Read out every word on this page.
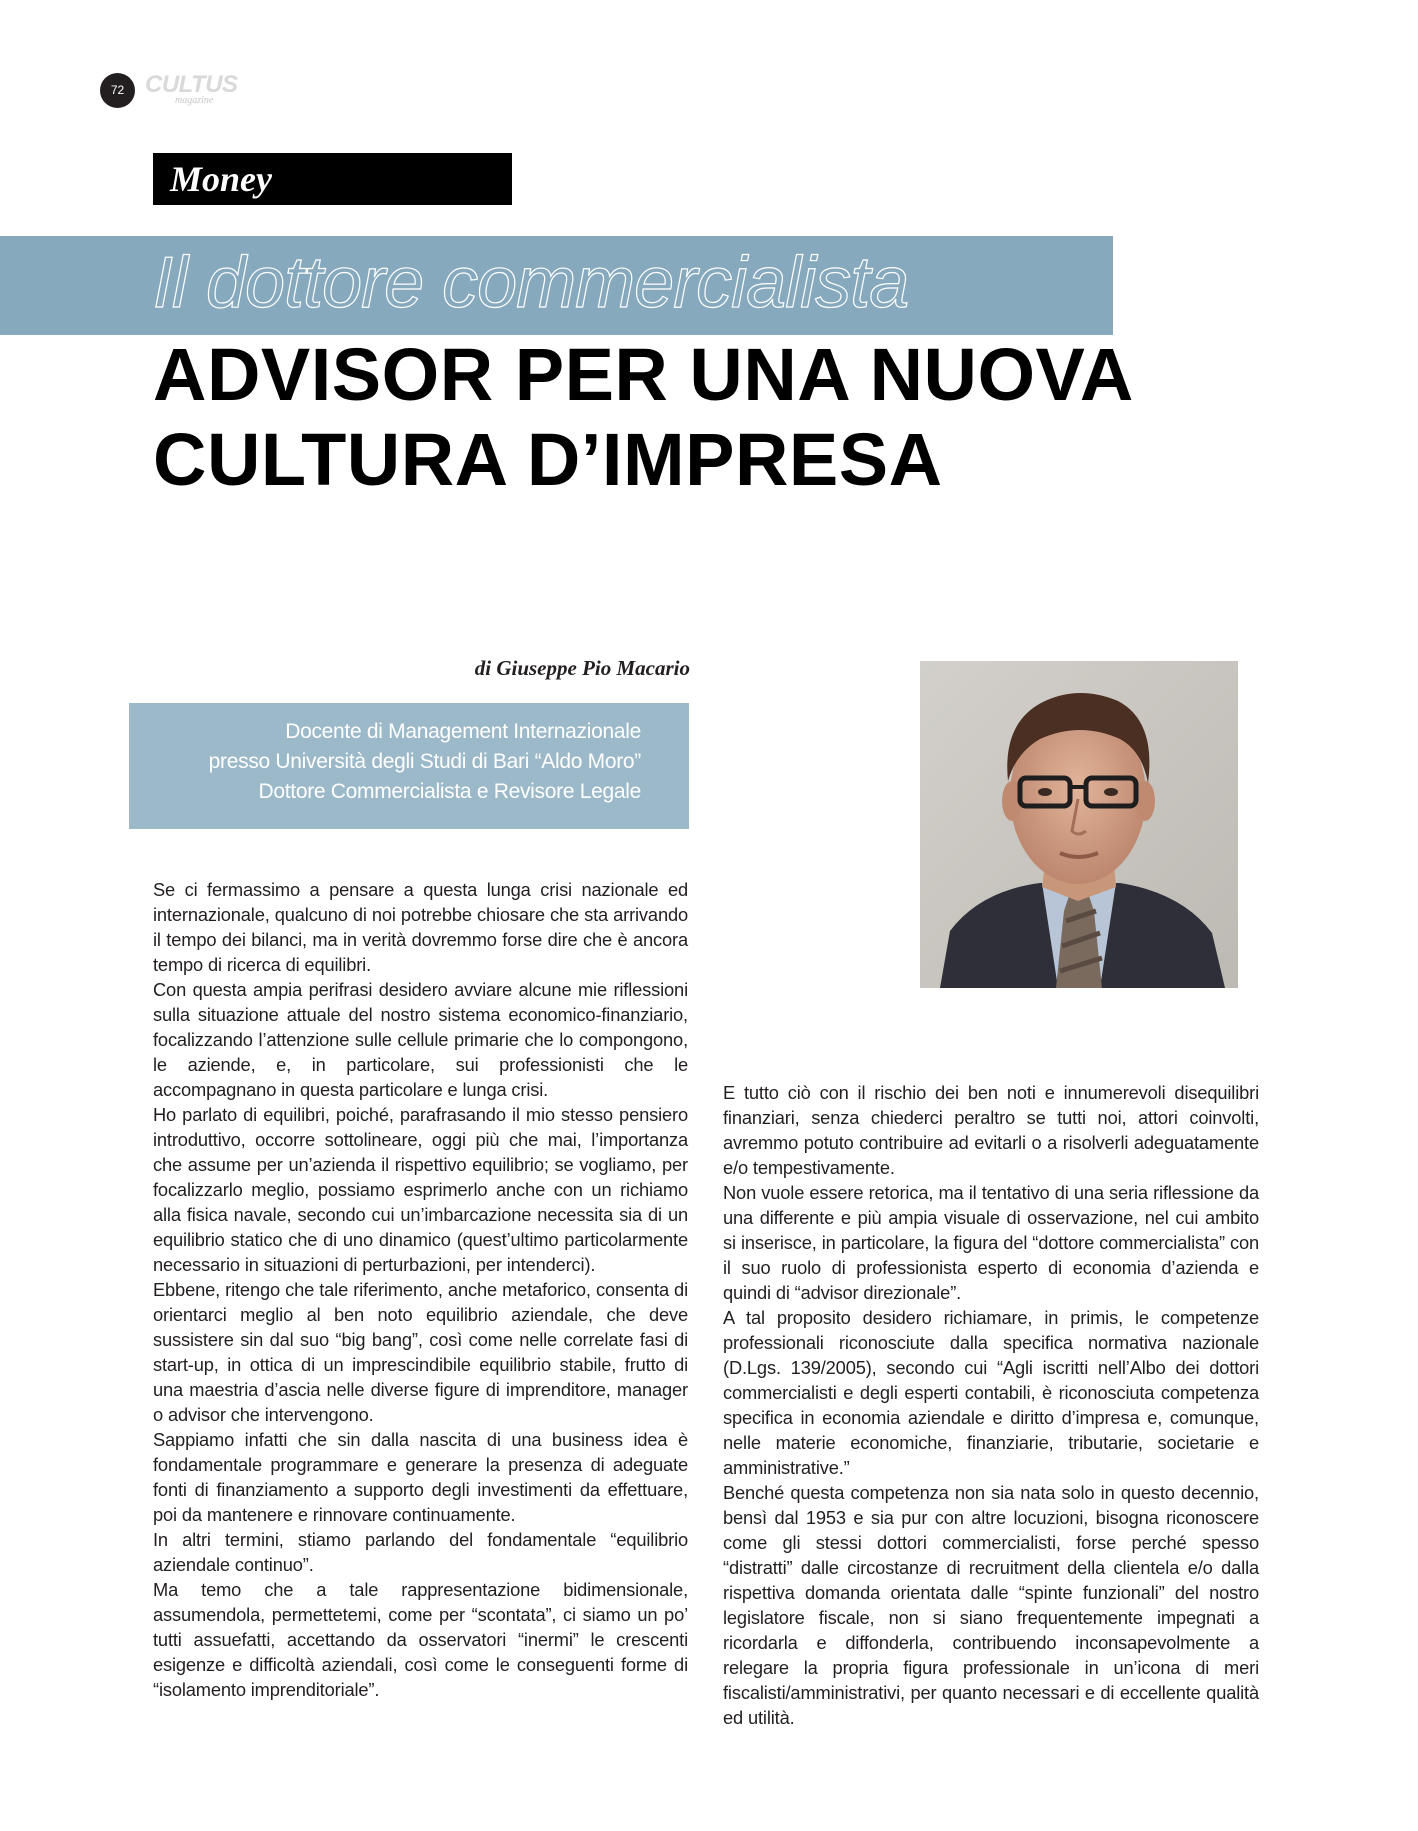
72 CULTUS
magazine
Money
Il dottore commercialista
ADVISOR PER UNA NUOVA
CULTURA D’IMPRESA
di Giuseppe Pio Macario
Docente di Management Internazionale
presso Università degli Studi di Bari “Aldo Moro”
Dottore Commercialista e Revisore Legale

Se ci fermassimo a pensare a questa lunga crisi nazionale ed internazionale, qualcuno di noi potrebbe chiosare che sta arrivando il tempo dei bilanci, ma in verità dovremmo forse dire che è ancora tempo di ricerca di equilibri.

Con questa ampia perifrasi desidero avviare alcune mie riflessioni sulla situazione attuale del nostro sistema economico-finanziario, focalizzando l’attenzione sulle cellule primarie che lo compongono, le aziende, e, in particolare, sui professionisti che le accompagnano in questa particolare e lunga crisi.

Ho parlato di equilibri, poiché, parafrasando il mio stesso pensiero introduttivo, occorre sottolineare, oggi più che mai, l’importanza che assume per un’azienda il rispettivo equilibrio; se vogliamo, per focalizzarlo meglio, possiamo esprimerlo anche con un richiamo alla fisica navale, secondo cui un’imbarcazione necessita sia di un equilibrio statico che di uno dinamico (quest’ultimo particolarmente necessario in situazioni di perturbazioni, per intenderci).

Ebbene, ritengo che tale riferimento, anche metaforico, consenta di orientarci meglio al ben noto equilibrio aziendale, che deve sussistere sin dal suo “big bang”, così come nelle correlate fasi di start-up, in ottica di un imprescindibile equilibrio stabile, frutto di una maestria d’ascia nelle diverse figure di imprenditore, manager o advisor che intervengono.

Sappiamo infatti che sin dalla nascita di una business idea è fondamentale programmare e generare la presenza di adeguate fonti di finanziamento a supporto degli investimenti da effettuare, poi da mantenere e rinnovare continuamente.

In altri termini, stiamo parlando del fondamentale “equilibrio aziendale continuo”.

Ma temo che a tale rappresentazione bidimensionale, assumendola, permettetemi, come per “scontata”, ci siamo un po’ tutti assuefatti, accettando da osservatori “inermi” le crescenti esigenze e difficoltà aziendali, così come le conseguenti forme di “isolamento imprenditoriale”.

E tutto ciò con il rischio dei ben noti e innumerevoli disequilibri finanziari, senza chiederci peraltro se tutti noi, attori coinvolti, avremmo potuto contribuire ad evitarli o a risolverli adeguatamente e/o tempestivamente.

Non vuole essere retorica, ma il tentativo di una seria riflessione da una differente e più ampia visuale di osservazione, nel cui ambito si inserisce, in particolare, la figura del “dottore commercialista” con il suo ruolo di professionista esperto di economia d’azienda e quindi di “advisor direzionale”.

A tal proposito desidero richiamare, in primis, le competenze professionali riconosciute dalla specifica normativa nazionale (D.Lgs. 139/2005), secondo cui “Agli iscritti nell’Albo dei dottori commercialisti e degli esperti contabili, è riconosciuta competenza specifica in economia aziendale e diritto d’impresa e, comunque, nelle materie economiche, finanziarie, tributarie, societarie e amministrative.”

Benché questa competenza non sia nata solo in questo decennio, bensì dal 1953 e sia pur con altre locuzioni, bisogna riconoscere come gli stessi dottori commercialisti, forse perché spesso “distratti” dalle circostanze di recruitment della clientela e/o dalla rispettiva domanda orientata dalle “spinte funzionali” del nostro legislatore fiscale, non si siano frequentemente impegnati a ricordarla e diffonderla, contribuendo inconsapevolmente a relegare la propria figura professionale in un’icona di meri fiscalisti/amministrativi, per quanto necessari e di eccellente qualità ed utilità.
